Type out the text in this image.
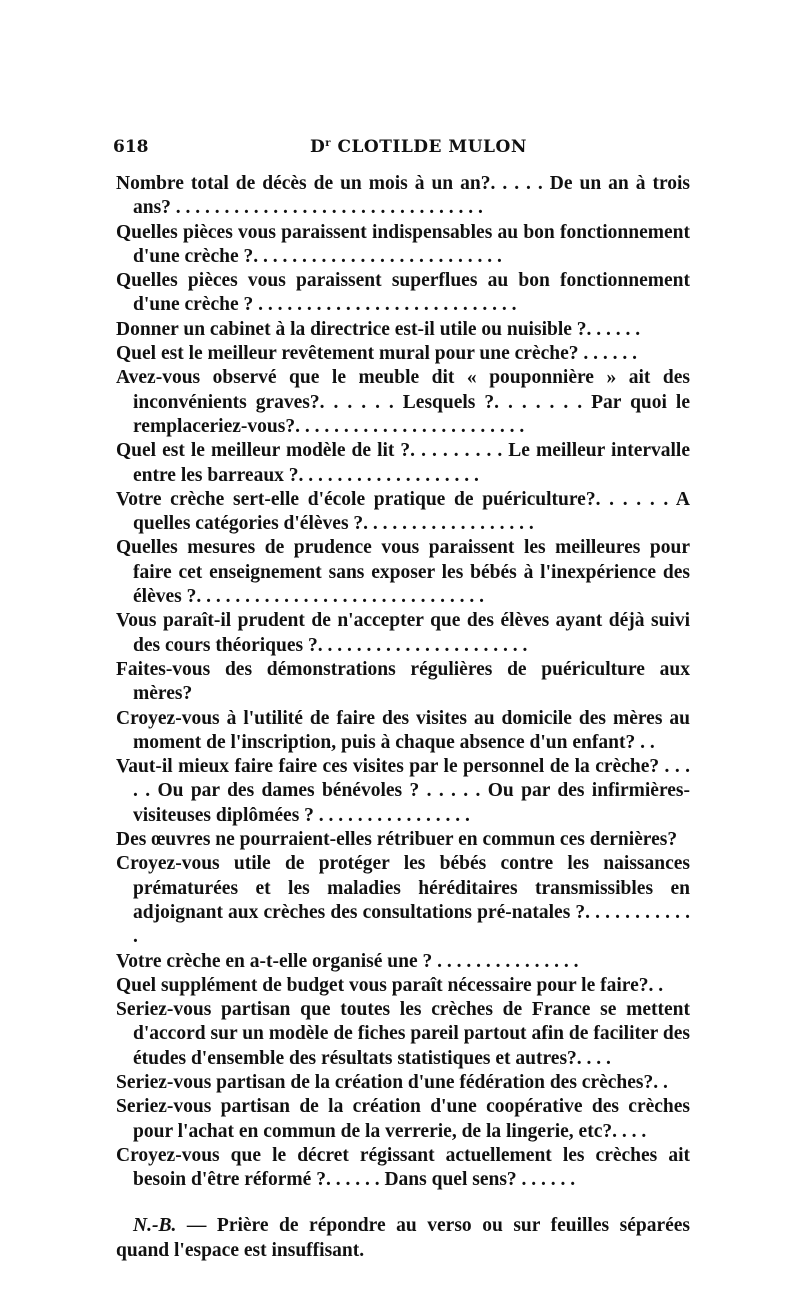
618	$D^r$ CLOTILDE MULON

Nombre total de décès de un mois à un an?. . . . . De un an à trois ans? . . . . . . . . . . . . . . . . . . . . . . . . . . . . . . . .

Quelles pièces vous paraissent indispensables au bon fonctionnement d'une crèche ?. . . . . . . . . . . . . . . . . . . . . . . . . .

Quelles pièces vous paraissent superflues au bon fonctionnement d'une crèche ? . . . . . . . . . . . . . . . . . . . . . . . . . . .

Donner un cabinet à la directrice est-il utile ou nuisible ?. . . . . .

Quel est le meilleur revêtement mural pour une crèche? . . . . . .

Avez-vous observé que le meuble dit « pouponnière » ait des inconvénients graves?. . . . . . Lesquels ?. . . . . . . Par quoi le remplaceriez-vous?. . . . . . . . . . . . . . . . . . . . . . . .

Quel est le meilleur modèle de lit ?. . . . . . . . . Le meilleur intervalle entre les barreaux ?. . . . . . . . . . . . . . . . . . .

Votre crèche sert-elle d'école pratique de puériculture?. . . . . . A quelles catégories d'élèves ?. . . . . . . . . . . . . . . . . .

Quelles mesures de prudence vous paraissent les meilleures pour faire cet enseignement sans exposer les bébés à l'inexpérience des élèves ?. . . . . . . . . . . . . . . . . . . . . . . . . . . . . .

Vous paraît-il prudent de n'accepter que des élèves ayant déjà suivi des cours théoriques ?. . . . . . . . . . . . . . . . . . . . . .

Faites-vous des démonstrations régulières de puériculture aux mères?

Croyez-vous à l'utilité de faire des visites au domicile des mères au moment de l'inscription, puis à chaque absence d'un enfant? . .

Vaut-il mieux faire faire ces visites par le personnel de la crèche? . . . . . Ou par des dames bénévoles ? . . . . . Ou par des infirmières-visiteuses diplômées ? . . . . . . . . . . . . . . . .

Des œuvres ne pourraient-elles rétribuer en commun ces dernières?

Croyez-vous utile de protéger les bébés contre les naissances prématurées et les maladies héréditaires transmissibles en adjoignant aux crèches des consultations pré-natales ?. . . . . . . . . . . .

Votre crèche en a-t-elle organisé une ? . . . . . . . . . . . . . . .

Quel supplément de budget vous paraît nécessaire pour le faire?. .

Seriez-vous partisan que toutes les crèches de France se mettent d'accord sur un modèle de fiches pareil partout afin de faciliter des études d'ensemble des résultats statistiques et autres?. . . .

Seriez-vous partisan de la création d'une fédération des crèches?. .

Seriez-vous partisan de la création d'une coopérative des crèches pour l'achat en commun de la verrerie, de la lingerie, etc?. . . .

Croyez-vous que le décret régissant actuellement les crèches ait besoin d'être réformé ?. . . . . . Dans quel sens? . . . . . .

N.-B. — Prière de répondre au verso ou sur feuilles séparées quand l'espace est insuffisant.
